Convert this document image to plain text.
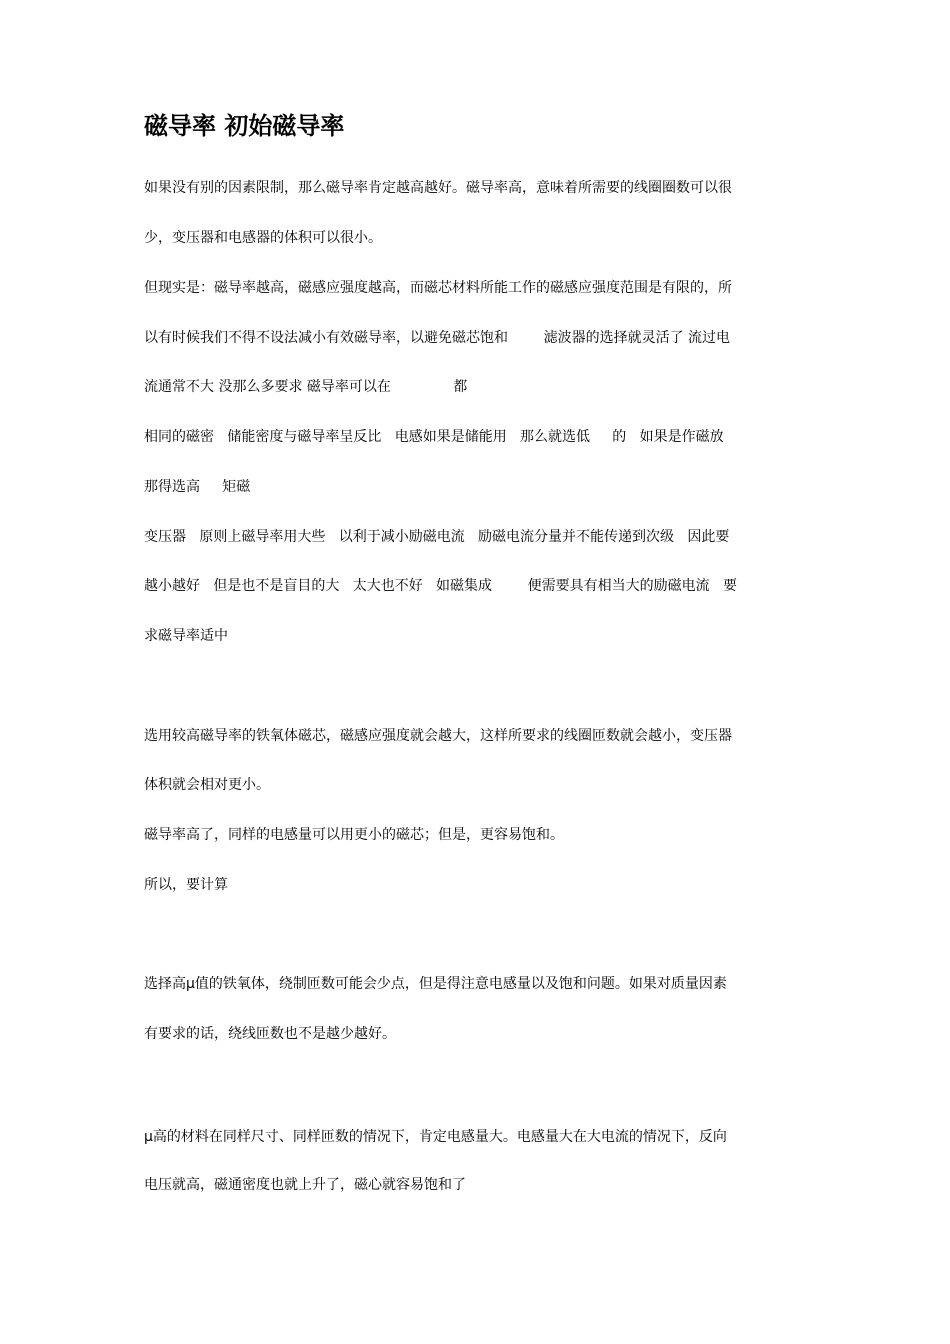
磁导率 初始磁导率
如果没有别的因素限制，那么磁导率肯定越高越好。磁导率高，意味着所需要的线圈圈数可以很
少，变压器和电感器的体积可以很小。
但现实是：磁导率越高，磁感应强度越高，而磁芯材料所能工作的磁感应强度范围是有限的，所
以有时候我们不得不设法减小有效磁导率，以避免磁芯饱和        滤波器的选择就灵活了 流过电
流通常不大 没那么多要求 磁导率可以在              都
相同的磁密   储能密度与磁导率呈反比   电感如果是储能用   那么就选低     的   如果是作磁放
那得选高     矩磁
变压器   原则上磁导率用大些   以利于减小励磁电流   励磁电流分量并不能传递到次级   因此要
越小越好   但是也不是盲目的大   太大也不好   如磁集成        便需要具有相当大的励磁电流   要
求磁导率适中
选用较高磁导率的铁氧体磁芯，磁感应强度就会越大，这样所要求的线圈匝数就会越小，变压器
体积就会相对更小。
磁导率高了，同样的电感量可以用更小的磁芯；但是，更容易饱和。
所以，要计算
选择高μ值的铁氧体，绕制匝数可能会少点，但是得注意电感量以及饱和问题。如果对质量因素
有要求的话，绕线匝数也不是越少越好。
μ高的材料在同样尺寸、同样匝数的情况下，肯定电感量大。电感量大在大电流的情况下，反向
电压就高，磁通密度也就上升了，磁心就容易饱和了
